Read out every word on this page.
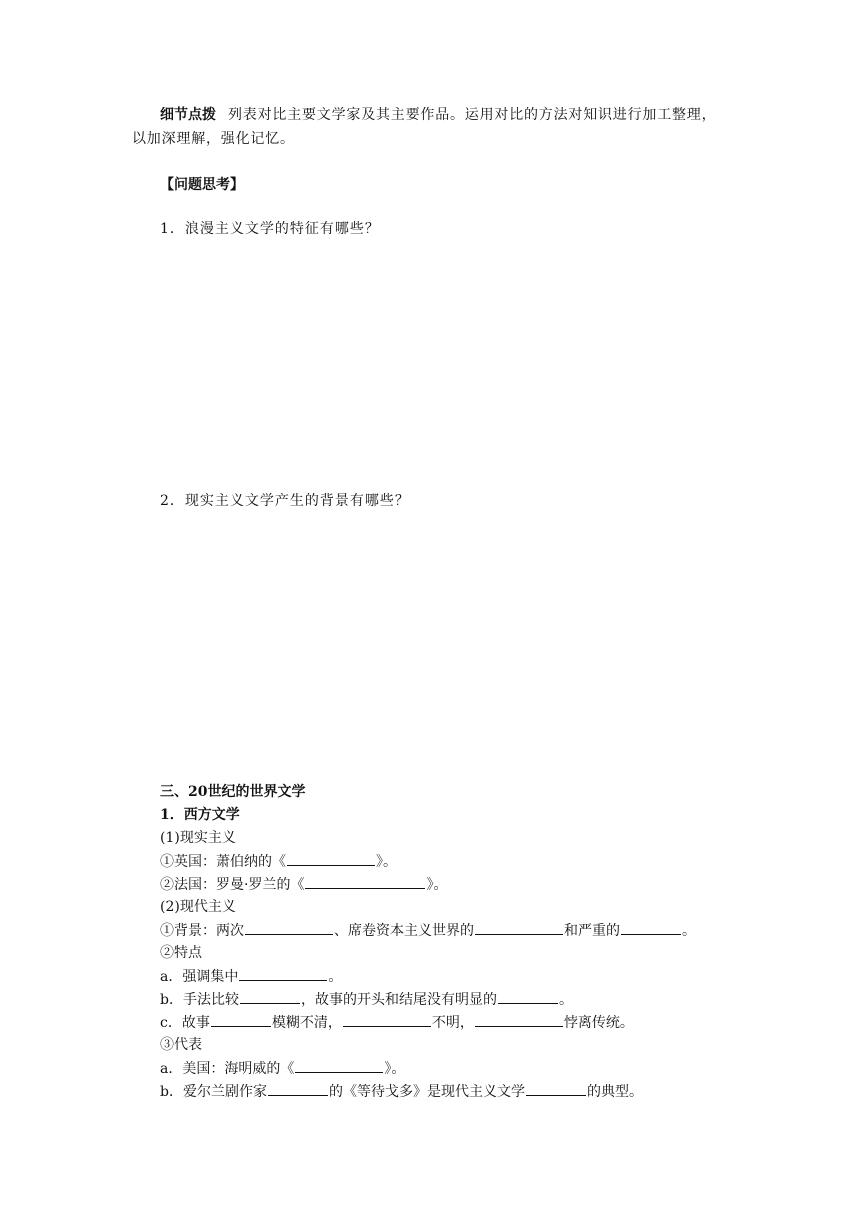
细节点拨 列表对比主要文学家及其主要作品。运用对比的方法对知识进行加工整理，
以加深理解，强化记忆。
【问题思考】
1．浪漫主义文学的特征有哪些？
2．现实主义文学产生的背景有哪些？
三、20世纪的世界文学
1．西方文学
(1)现实主义
①英国：萧伯纳的《	》。
②法国：罗曼·罗兰的《	》。
(2)现代主义
①背景：两次	、席卷资本主义世界的	和严重的	。
②特点
a．强调集中	。
b．手法比较	，故事的开头和结尾没有明显的	。
c．故事	模糊不清，	不明，	悖离传统。
③代表
a．美国：海明威的《	》。
b．爱尔兰剧作家	的《等待戈多》是现代主义文学	的典型。
